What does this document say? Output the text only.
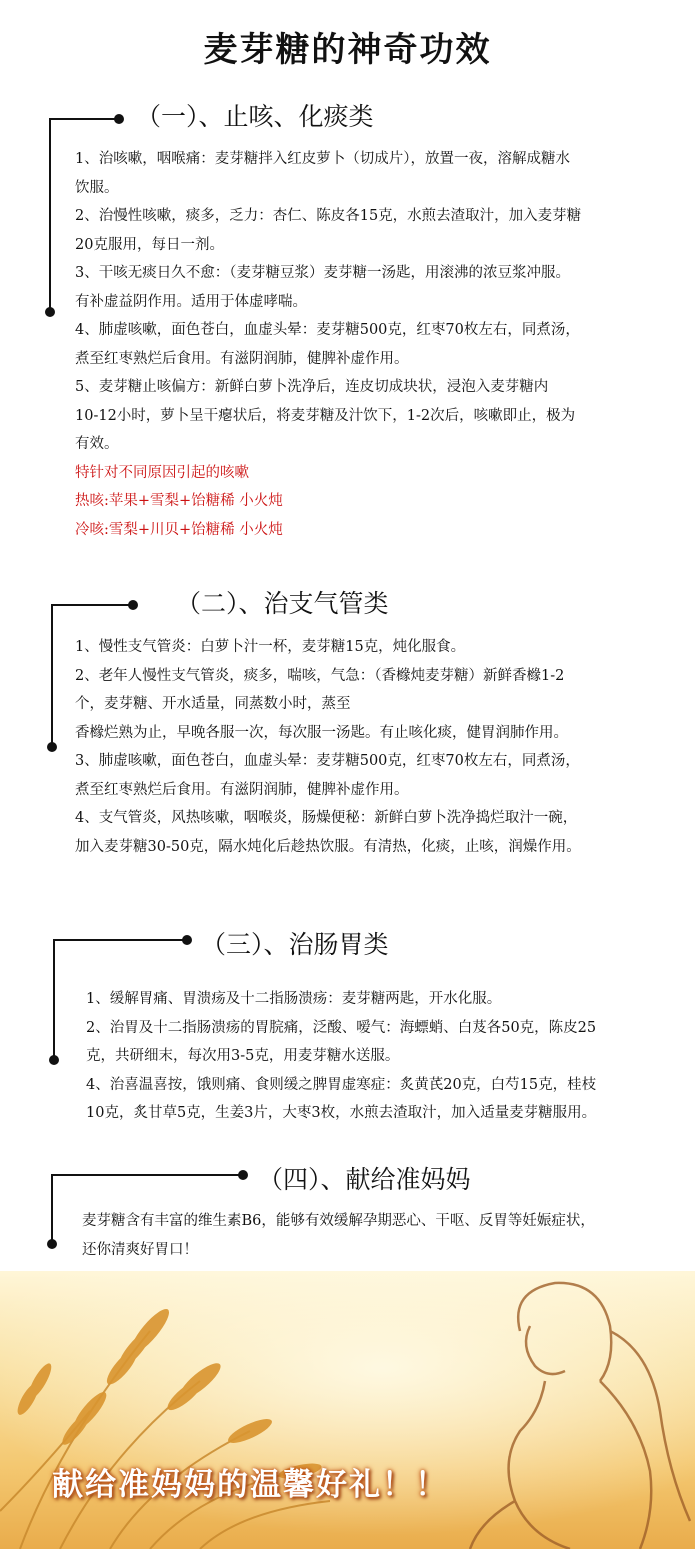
麦芽糖的神奇功效
（一）、止咳、化痰类

1、治咳嗽，咽喉痛：麦芽糖拌入红皮萝卜（切成片），放置一夜，溶解成糖水

饮服。

2、治慢性咳嗽，痰多，乏力：杏仁、陈皮各15克，水煎去渣取汁，加入麦芽糖

20克服用，每日一剂。

3、干咳无痰日久不愈：（麦芽糖豆浆）麦芽糖一汤匙，用滚沸的浓豆浆冲服。

有补虚益阴作用。适用于体虚哮喘。

4、肺虚咳嗽，面色苍白，血虚头晕：麦芽糖500克，红枣70枚左右，同煮汤，

煮至红枣熟烂后食用。有滋阴润肺，健脾补虚作用。

5、麦芽糖止咳偏方：新鲜白萝卜洗净后，连皮切成块状，浸泡入麦芽糖内

10-12小时，萝卜呈干瘪状后，将麦芽糖及汁饮下，1-2次后，咳嗽即止，极为

有效。

特针对不同原因引起的咳嗽

热咳:苹果+雪梨+饴糖稀 小火炖

冷咳:雪梨+川贝+饴糖稀 小火炖

（二）、治支气管类

1、慢性支气管炎：白萝卜汁一杯，麦芽糖15克，炖化服食。

2、老年人慢性支气管炎，痰多，喘咳，气急：（香橼炖麦芽糖）新鲜香橼1-2

个，麦芽糖、开水适量，同蒸数小时，蒸至

香橼烂熟为止，早晚各服一次，每次服一汤匙。有止咳化痰，健胃润肺作用。

3、肺虚咳嗽，面色苍白，血虚头晕：麦芽糖500克，红枣70枚左右，同煮汤，

煮至红枣熟烂后食用。有滋阴润肺，健脾补虚作用。

4、支气管炎，风热咳嗽，咽喉炎，肠燥便秘：新鲜白萝卜洗净捣烂取汁一碗，

加入麦芽糖30-50克，隔水炖化后趁热饮服。有清热，化痰，止咳，润燥作用。

（三）、治肠胃类

1、缓解胃痛、胃溃疡及十二指肠溃疡：麦芽糖两匙，开水化服。

2、治胃及十二指肠溃疡的胃脘痛，泛酸、嗳气：海螵蛸、白芨各50克，陈皮25

克，共研细末，每次用3-5克，用麦芽糖水送服。

4、治喜温喜按，饿则痛、食则缓之脾胃虚寒症：炙黄芪20克，白芍15克，桂枝

10克，炙甘草5克，生姜3片，大枣3枚，水煎去渣取汁，加入适量麦芽糖服用。

（四）、献给准妈妈

麦芽糖含有丰富的维生素B6，能够有效缓解孕期恶心、干呕、反胃等妊娠症状，

还你清爽好胃口！

献给准妈妈的温馨好礼！！
